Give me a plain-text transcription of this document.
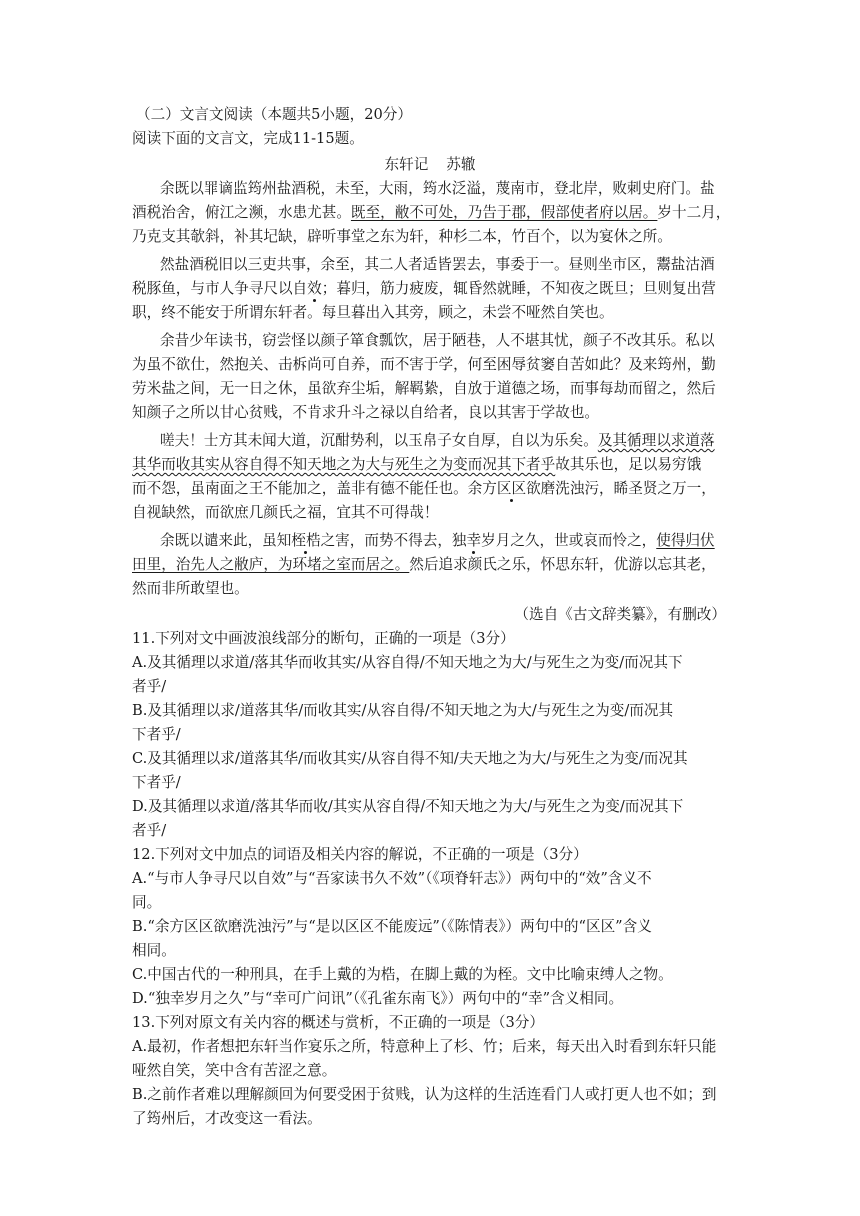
（二）文言文阅读（本题共5小题，20分）
阅读下面的文言文，完成11-15题。
东轩记 苏辙
余既以罪谪监筠州盐酒税，未至，大雨，筠水泛溢，蔑南市，登北岸，败刺史府门。盐
酒税治舍，俯江之濒，水患尤甚。既至，敝不可处，乃告于郡，假部使者府以居。岁十二月，
乃克支其欹斜，补其圮缺，辟听事堂之东为轩，种杉二本，竹百个，以为宴休之所。
然盐酒税旧以三吏共事，余至，其二人者适皆罢去，事委于一。昼则坐市区，鬻盐沽酒
税豚鱼，与市人争寻尺以自效；暮归，筋力疲废，辄昏然就睡，不知夜之既旦；旦则复出营
职，终不能安于所谓东轩者。每旦暮出入其旁，顾之，未尝不哑然自笑也。
余昔少年读书，窃尝怪以颜子箪食瓢饮，居于陋巷，人不堪其忧，颜子不改其乐。私以
为虽不欲仕，然抱关、击柝尚可自养，而不害于学，何至困辱贫窭自苦如此？及来筠州，勤
劳米盐之间，无一日之休，虽欲弃尘垢，解羁絷，自放于道德之场，而事每劫而留之，然后
知颜子之所以甘心贫贱，不肯求升斗之禄以自给者，良以其害于学故也。
嗟夫！士方其未闻大道，沉酣势利，以玉帛子女自厚，自以为乐矣。及其循理以求道落
其华而收其实从容自得不知天地之为大与死生之为变而况其下者乎故其乐也，足以易穷饿
而不怨，虽南面之王不能加之，盖非有德不能任也。余方区区欲磨洗浊污，睎圣贤之万一，
自视缺然，而欲庶几颜氏之福，宜其不可得哉！
余既以谴来此，虽知桎梏之害，而势不得去，独幸岁月之久，世或哀而怜之，使得归伏
田里，治先人之敝庐，为环堵之室而居之。然后追求颜氏之乐，怀思东轩，优游以忘其老，
然而非所敢望也。
（选自《古文辞类纂》，有删改）
11.下列对文中画波浪线部分的断句，正确的一项是（3分）
A.及其循理以求道/落其华而收其实/从容自得/不知天地之为大/与死生之为变/而况其下
者乎/
B.及其循理以求/道落其华/而收其实/从容自得/不知天地之为大/与死生之为变/而况其
下者乎/
C.及其循理以求/道落其华/而收其实/从容自得不知/夫天地之为大/与死生之为变/而况其
下者乎/
D.及其循理以求道/落其华而收/其实从容自得/不知天地之为大/与死生之为变/而况其下
者乎/
12.下列对文中加点的词语及相关内容的解说，不正确的一项是（3分）
A.“与市人争寻尺以自效”与“吾家读书久不效”（《项脊轩志》）两句中的“效”含义不
同。
B.“余方区区欲磨洗浊污”与“是以区区不能废远”（《陈情表》）两句中的“区区”含义
相同。
C.中国古代的一种刑具，在手上戴的为梏，在脚上戴的为桎。文中比喻束缚人之物。
D.“独幸岁月之久”与“幸可广问讯”（《孔雀东南飞》）两句中的“幸”含义相同。
13.下列对原文有关内容的概述与赏析，不正确的一项是（3分）
A.最初，作者想把东轩当作宴乐之所，特意种上了杉、竹；后来，每天出入时看到东轩只能
哑然自笑，笑中含有苦涩之意。
B.之前作者难以理解颜回为何要受困于贫贱，认为这样的生活连看门人或打更人也不如；到
了筠州后，才改变这一看法。
